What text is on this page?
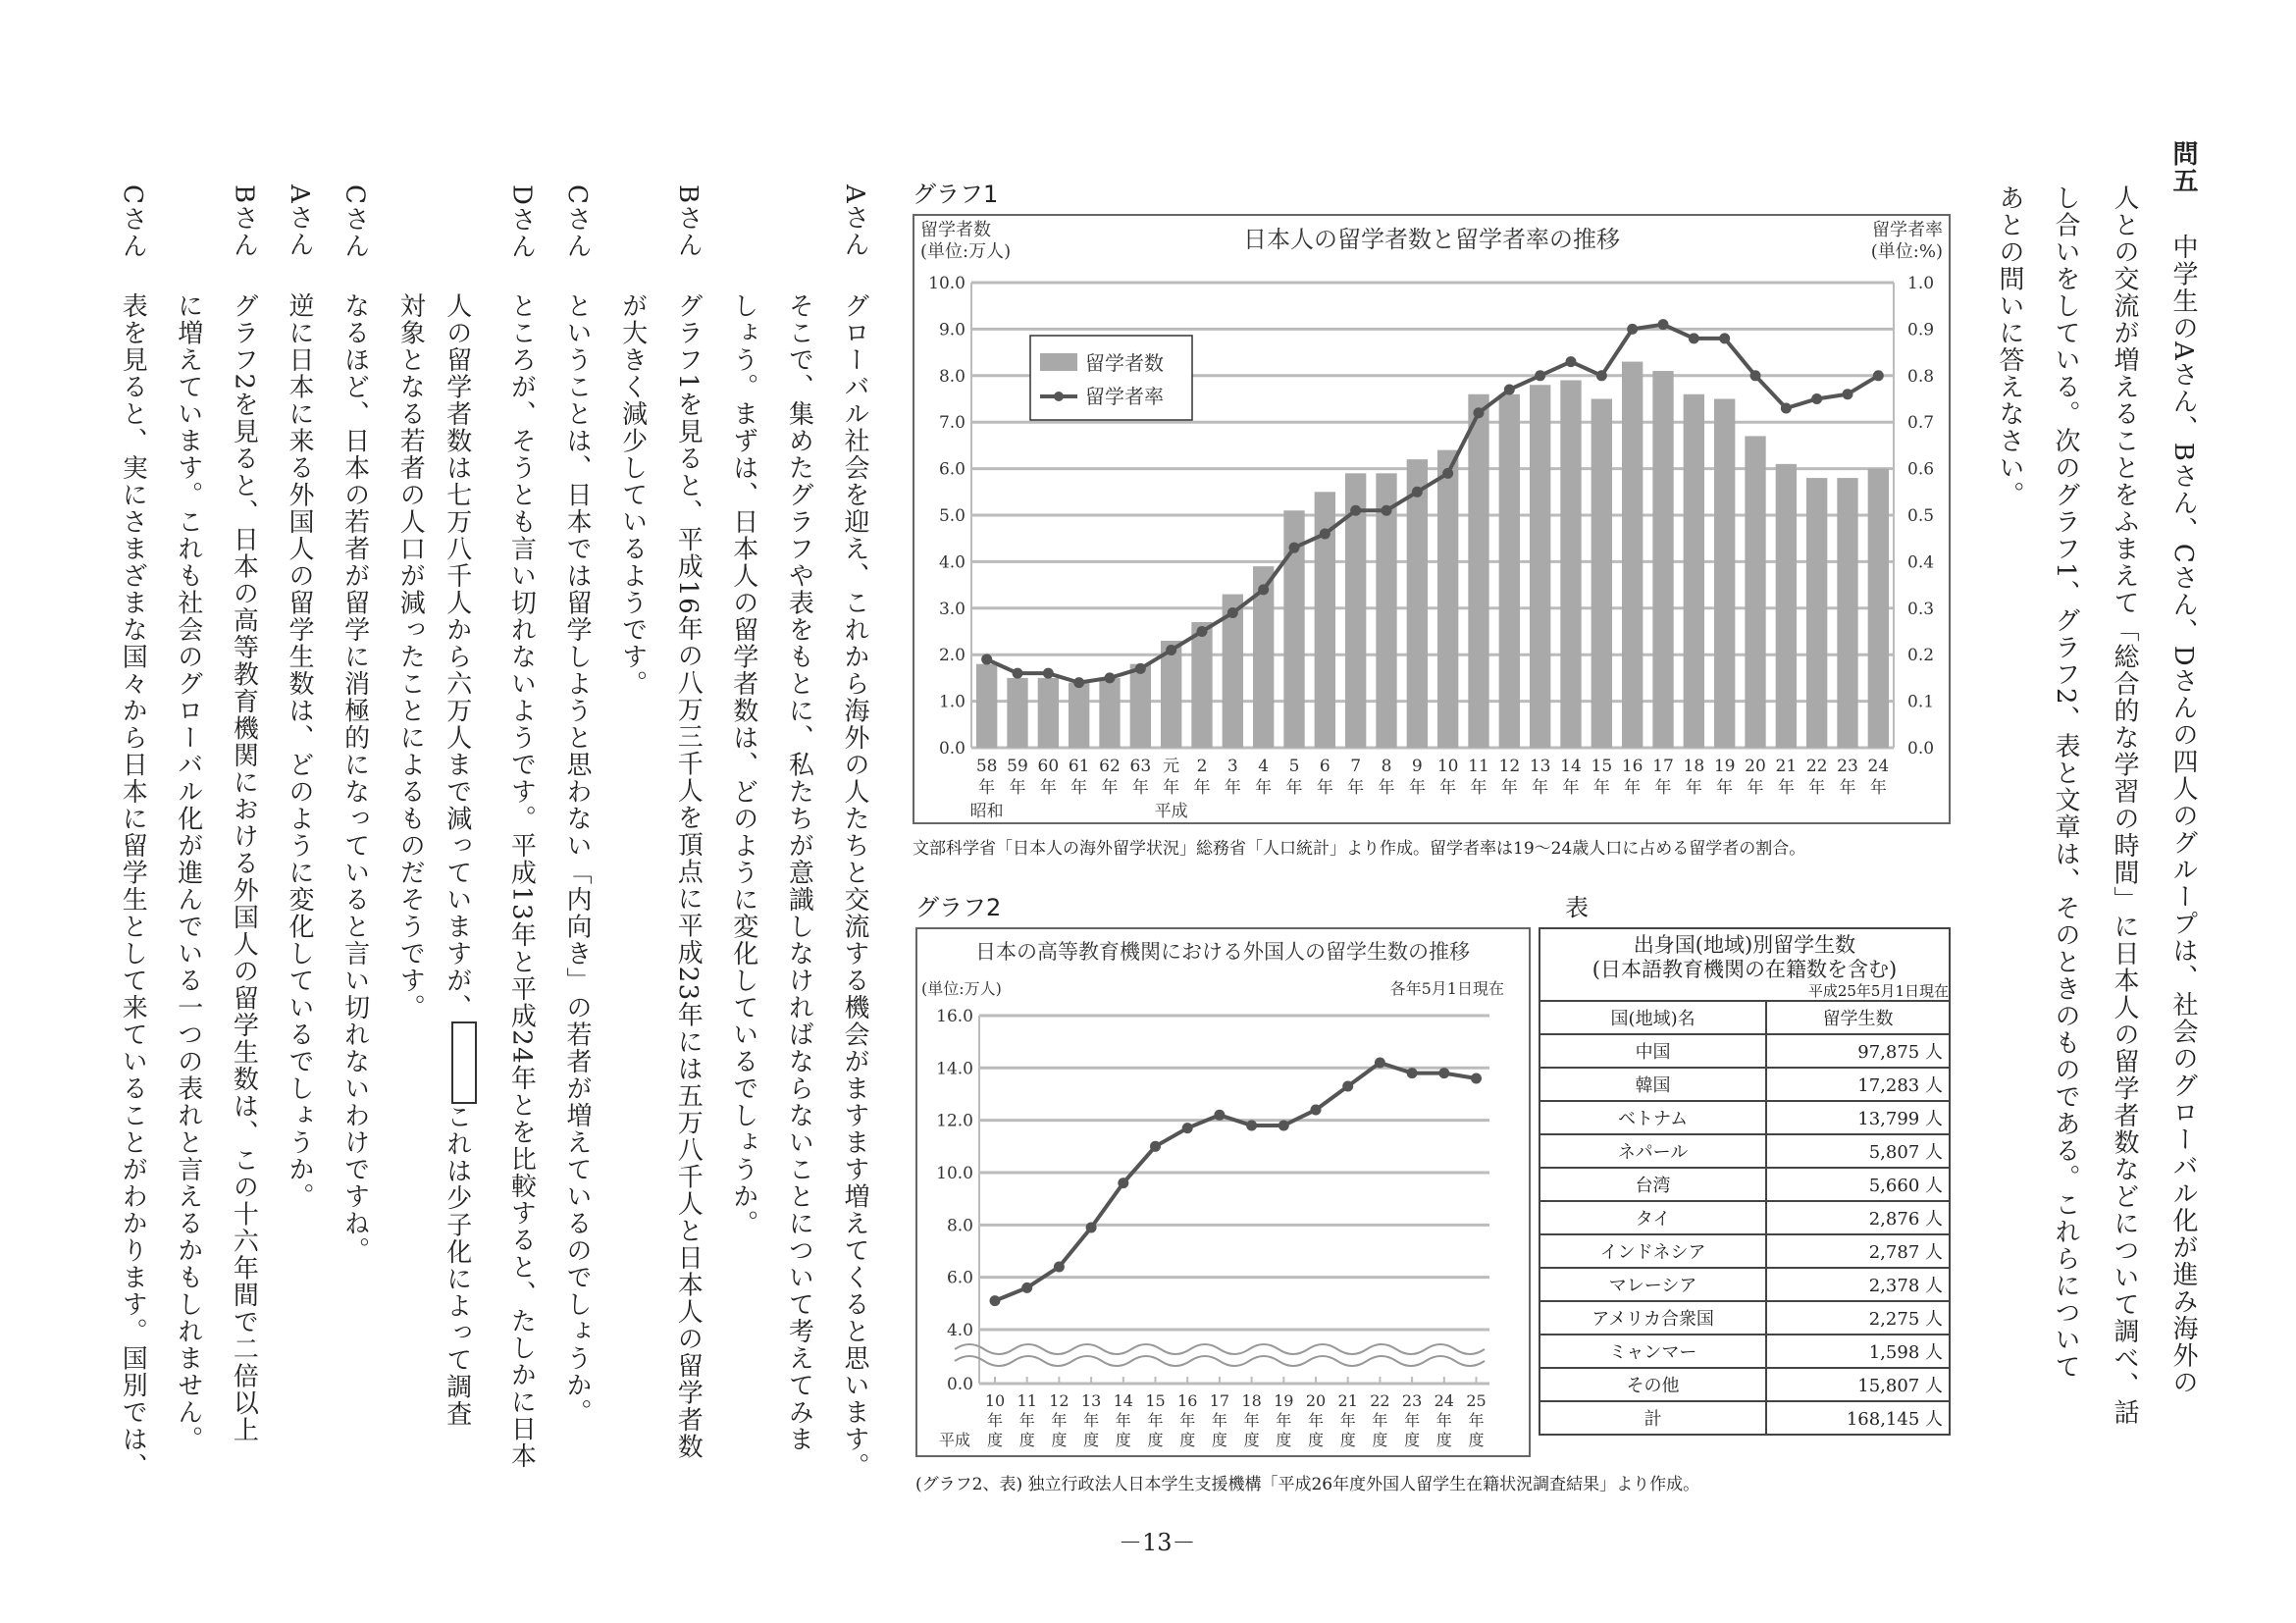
問五中学生のAさん、Bさん、Cさん、Dさんの四人のグループは、社会のグローバル化が進み海外の
人との交流が増えることをふまえて「総合的な学習の時間」に日本人の留学者数などについて調べ、話
し合いをしている。次のグラフ1、グラフ2、表と文章は、そのときのものである。これらについて
あとの問いに答えなさい。
Aさんグローバル社会を迎え、これから海外の人たちと交流する機会がますます増えてくると思います。
そこで、集めたグラフや表をもとに、私たちが意識しなければならないことについて考えてみま
しょう。まずは、日本人の留学者数は、どのように変化しているでしょうか。
Bさんグラフ1を見ると、平成16年の八万三千人を頂点に平成23年には五万八千人と日本人の留学者数
が大きく減少しているようです。
Cさんということは、日本では留学しようと思わない「内向き」の若者が増えているのでしょうか。
Dさんところが、そうとも言い切れないようです。平成13年と平成24年とを比較すると、たしかに日本
人の留学者数は七万八千人から六万人まで減っていますが、これは少子化によって調査
対象となる若者の人口が減ったことによるものだそうです。
Cさんなるほど、日本の若者が留学に消極的になっていると言い切れないわけですね。
Aさん逆に日本に来る外国人の留学生数は、どのように変化しているでしょうか。
Bさんグラフ2を見ると、日本の高等教育機関における外国人の留学生数は、この十六年間で二倍以上
に増えています。これも社会のグローバル化が進んでいる一つの表れと言えるかもしれません。
Cさん表を見ると、実にさまざまな国々から日本に留学生として来ていることがわかります。国別では、
グラフ1
日本人の留学者数と留学者率の推移
留学者数
(単位:万人)
留学者率
(単位:%)
0.0	0.0
1.0	0.1
2.0	0.2
3.0	0.3
4.0	0.4
5.0	0.5
6.0	0.6
7.0	0.7
8.0	0.8
9.0	0.9
10.0	1.0
58
年
59
年
60
年
61
年
62
年
63
年
元
年
2
年
3
年
4
年
5
年
6
年
7
年
8
年
9
年
10
年
11
年
12
年
13
年
14
年
15
年
16
年
17
年
18
年
19
年
20
年
21
年
22
年
23
年
24
年
昭和	平成
留学者数
留学者率
文部科学省「日本人の海外留学状況」総務省「人口統計」より作成。留学者率は19〜24歳人口に占める留学者の割合。
グラフ2
日本の高等教育機関における外国人の留学生数の推移
(単位:万人)	各年5月1日現在
0.0
4.0
6.0
8.0
10.0
12.0
14.0
16.0
10
年
度
11
年
度
12
年
度
13
年
度
14
年
度
15
年
度
16
年
度
17
年
度
18
年
度
19
年
度
20
年
度
21
年
度
22
年
度
23
年
度
24
年
度
25
年
度
平成
表
出身国(地域)別留学生数
(日本語教育機関の在籍数を含む)
平成25年5月1日現在	

国(地域)名	留学生数
中国	97,875 人
韓国	17,283 人
ベトナム	13,799 人
ネパール	5,807 人
台湾	5,660 人
タイ	2,876 人
インドネシア	2,787 人
マレーシア	2,378 人
アメリカ合衆国	2,275 人
ミャンマー	1,598 人
その他	15,807 人
計	168,145 人
(グラフ2、表) 独立行政法人日本学生支援機構「平成26年度外国人留学生在籍状況調査結果」より作成。
－13－
